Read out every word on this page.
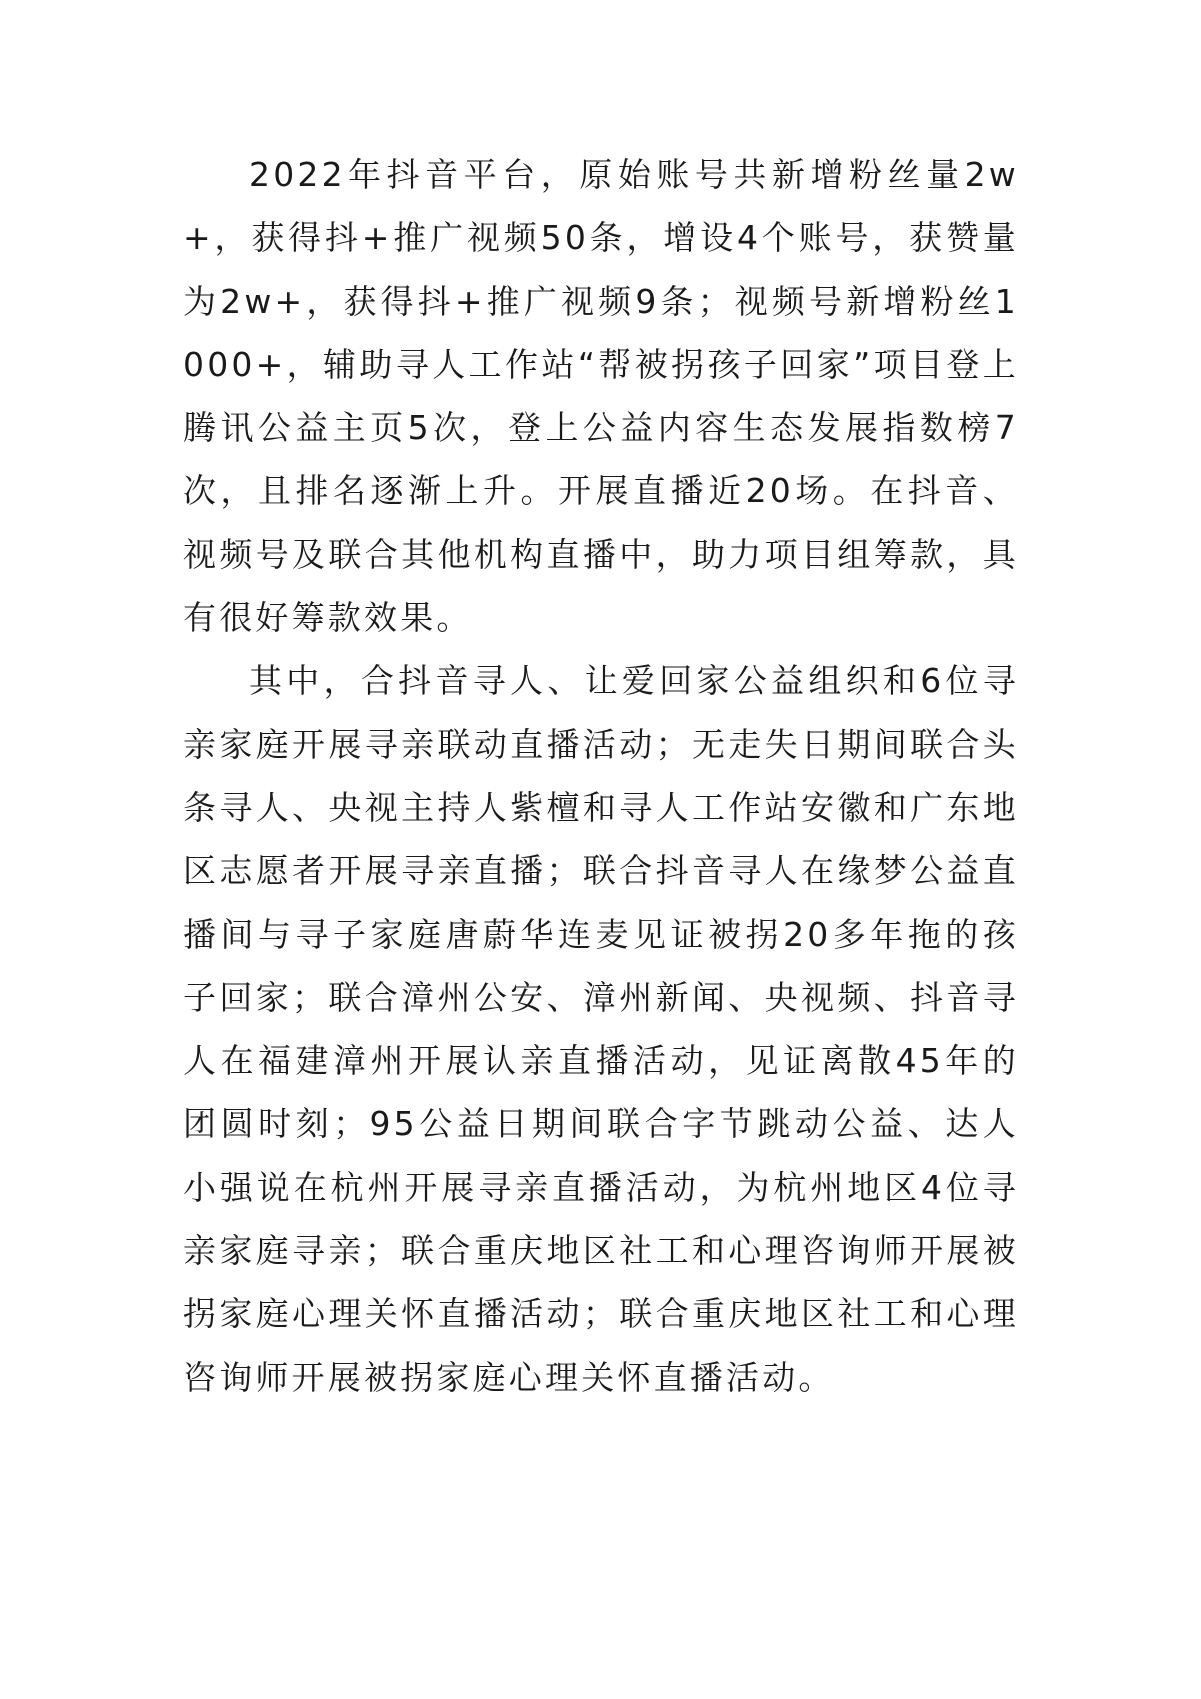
2022年抖音平台，原始账号共新增粉丝量2w+，获得抖+推广视频50条，增设4个账号，获赞量为2w+，获得抖+推广视频9条；视频号新增粉丝1000+，辅助寻人工作站“帮被拐孩子回家”项目登上腾讯公益主页5次，登上公益内容生态发展指数榜7次，且排名逐渐上升。开展直播近20场。在抖音、视频号及联合其他机构直播中，助力项目组筹款，具有很好筹款效果。

其中，合抖音寻人、让爱回家公益组织和6位寻亲家庭开展寻亲联动直播活动；无走失日期间联合头条寻人、央视主持人紫檀和寻人工作站安徽和广东地区志愿者开展寻亲直播；联合抖音寻人在缘梦公益直播间与寻子家庭唐蔚华连麦见证被拐20多年拖的孩子回家；联合漳州公安、漳州新闻、央视频、抖音寻人在福建漳州开展认亲直播活动，见证离散45年的团圆时刻；95公益日期间联合字节跳动公益、达人小强说在杭州开展寻亲直播活动，为杭州地区4位寻亲家庭寻亲；联合重庆地区社工和心理咨询师开展被拐家庭心理关怀直播活动；联合重庆地区社工和心理咨询师开展被拐家庭心理关怀直播活动。
